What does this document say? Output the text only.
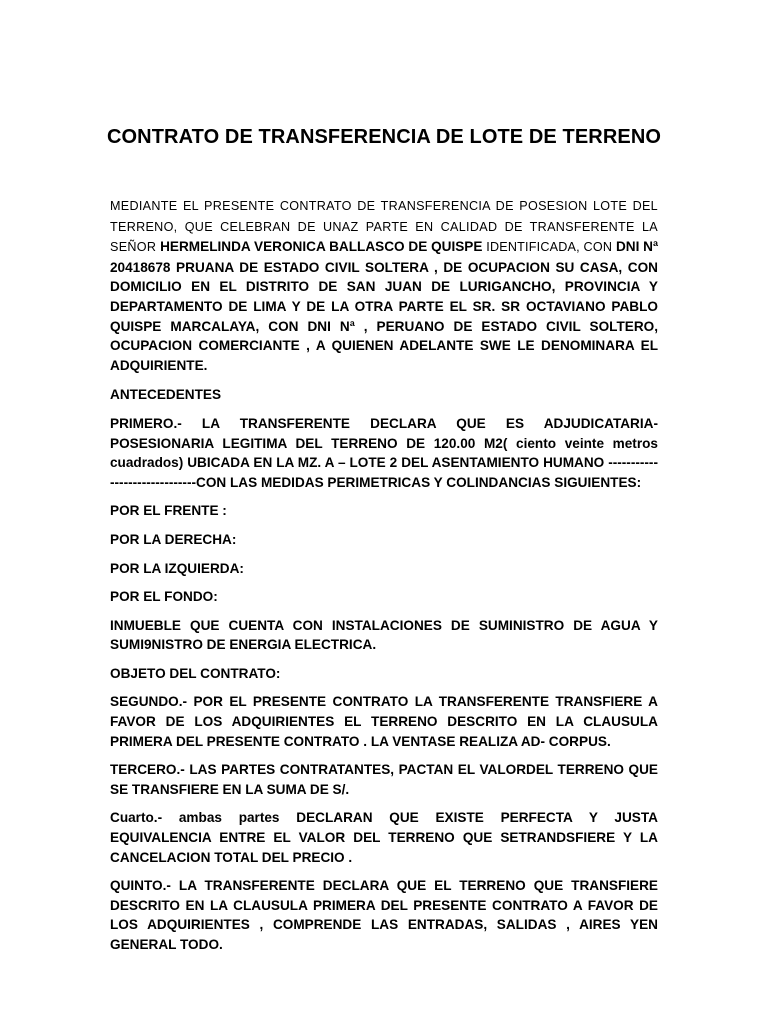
CONTRATO DE TRANSFERENCIA DE LOTE DE TERRENO

MEDIANTE EL PRESENTE CONTRATO DE TRANSFERENCIA DE POSESION LOTE DEL TERRENO, QUE CELEBRAN DE UNAZ PARTE EN CALIDAD DE TRANSFERENTE LA SEÑOR HERMELINDA VERONICA BALLASCO DE QUISPE IDENTIFICADA, CON DNI Nª 20418678 PRUANA DE ESTADO CIVIL SOLTERA , DE OCUPACION SU CASA, CON DOMICILIO EN EL DISTRITO DE SAN JUAN DE LURIGANCHO, PROVINCIA Y DEPARTAMENTO DE LIMA Y DE LA OTRA PARTE EL SR. SR OCTAVIANO PABLO QUISPE MARCALAYA, CON DNI Nª , PERUANO DE ESTADO CIVIL SOLTERO, OCUPACION COMERCIANTE , A QUIENEN ADELANTE SWE LE DENOMINARA EL ADQUIRIENTE.

ANTECEDENTES

PRIMERO.- LA TRANSFERENTE DECLARA QUE ES ADJUDICATARIA-POSESIONARIA LEGITIMA DEL TERRENO DE 120.00 M2( ciento veinte metros cuadrados) UBICADA EN LA MZ. A – LOTE 2 DEL ASENTAMIENTO HUMANO ------------------------------CON LAS MEDIDAS PERIMETRICAS Y COLINDANCIAS SIGUIENTES:

POR EL FRENTE :

POR LA DERECHA:

POR LA IZQUIERDA:

POR EL FONDO:

INMUEBLE QUE CUENTA CON INSTALACIONES DE SUMINISTRO DE AGUA Y SUMI9NISTRO DE ENERGIA ELECTRICA.

OBJETO DEL CONTRATO:

SEGUNDO.- POR EL PRESENTE CONTRATO LA TRANSFERENTE TRANSFIERE A FAVOR DE LOS ADQUIRIENTES EL TERRENO DESCRITO EN LA CLAUSULA PRIMERA DEL PRESENTE CONTRATO . LA VENTASE REALIZA AD- CORPUS.

TERCERO.- LAS PARTES CONTRATANTES, PACTAN EL VALORDEL TERRENO QUE SE TRANSFIERE EN LA SUMA DE S/.

Cuarto.- ambas partes DECLARAN QUE EXISTE PERFECTA Y JUSTA EQUIVALENCIA ENTRE EL VALOR DEL TERRENO QUE SETRANDSFIERE Y LA CANCELACION TOTAL DEL PRECIO .

QUINTO.- LA TRANSFERENTE DECLARA QUE EL TERRENO QUE TRANSFIERE DESCRITO EN LA CLAUSULA PRIMERA DEL PRESENTE CONTRATO A FAVOR DE LOS ADQUIRIENTES , COMPRENDE LAS ENTRADAS, SALIDAS , AIRES YEN GENERAL TODO.
